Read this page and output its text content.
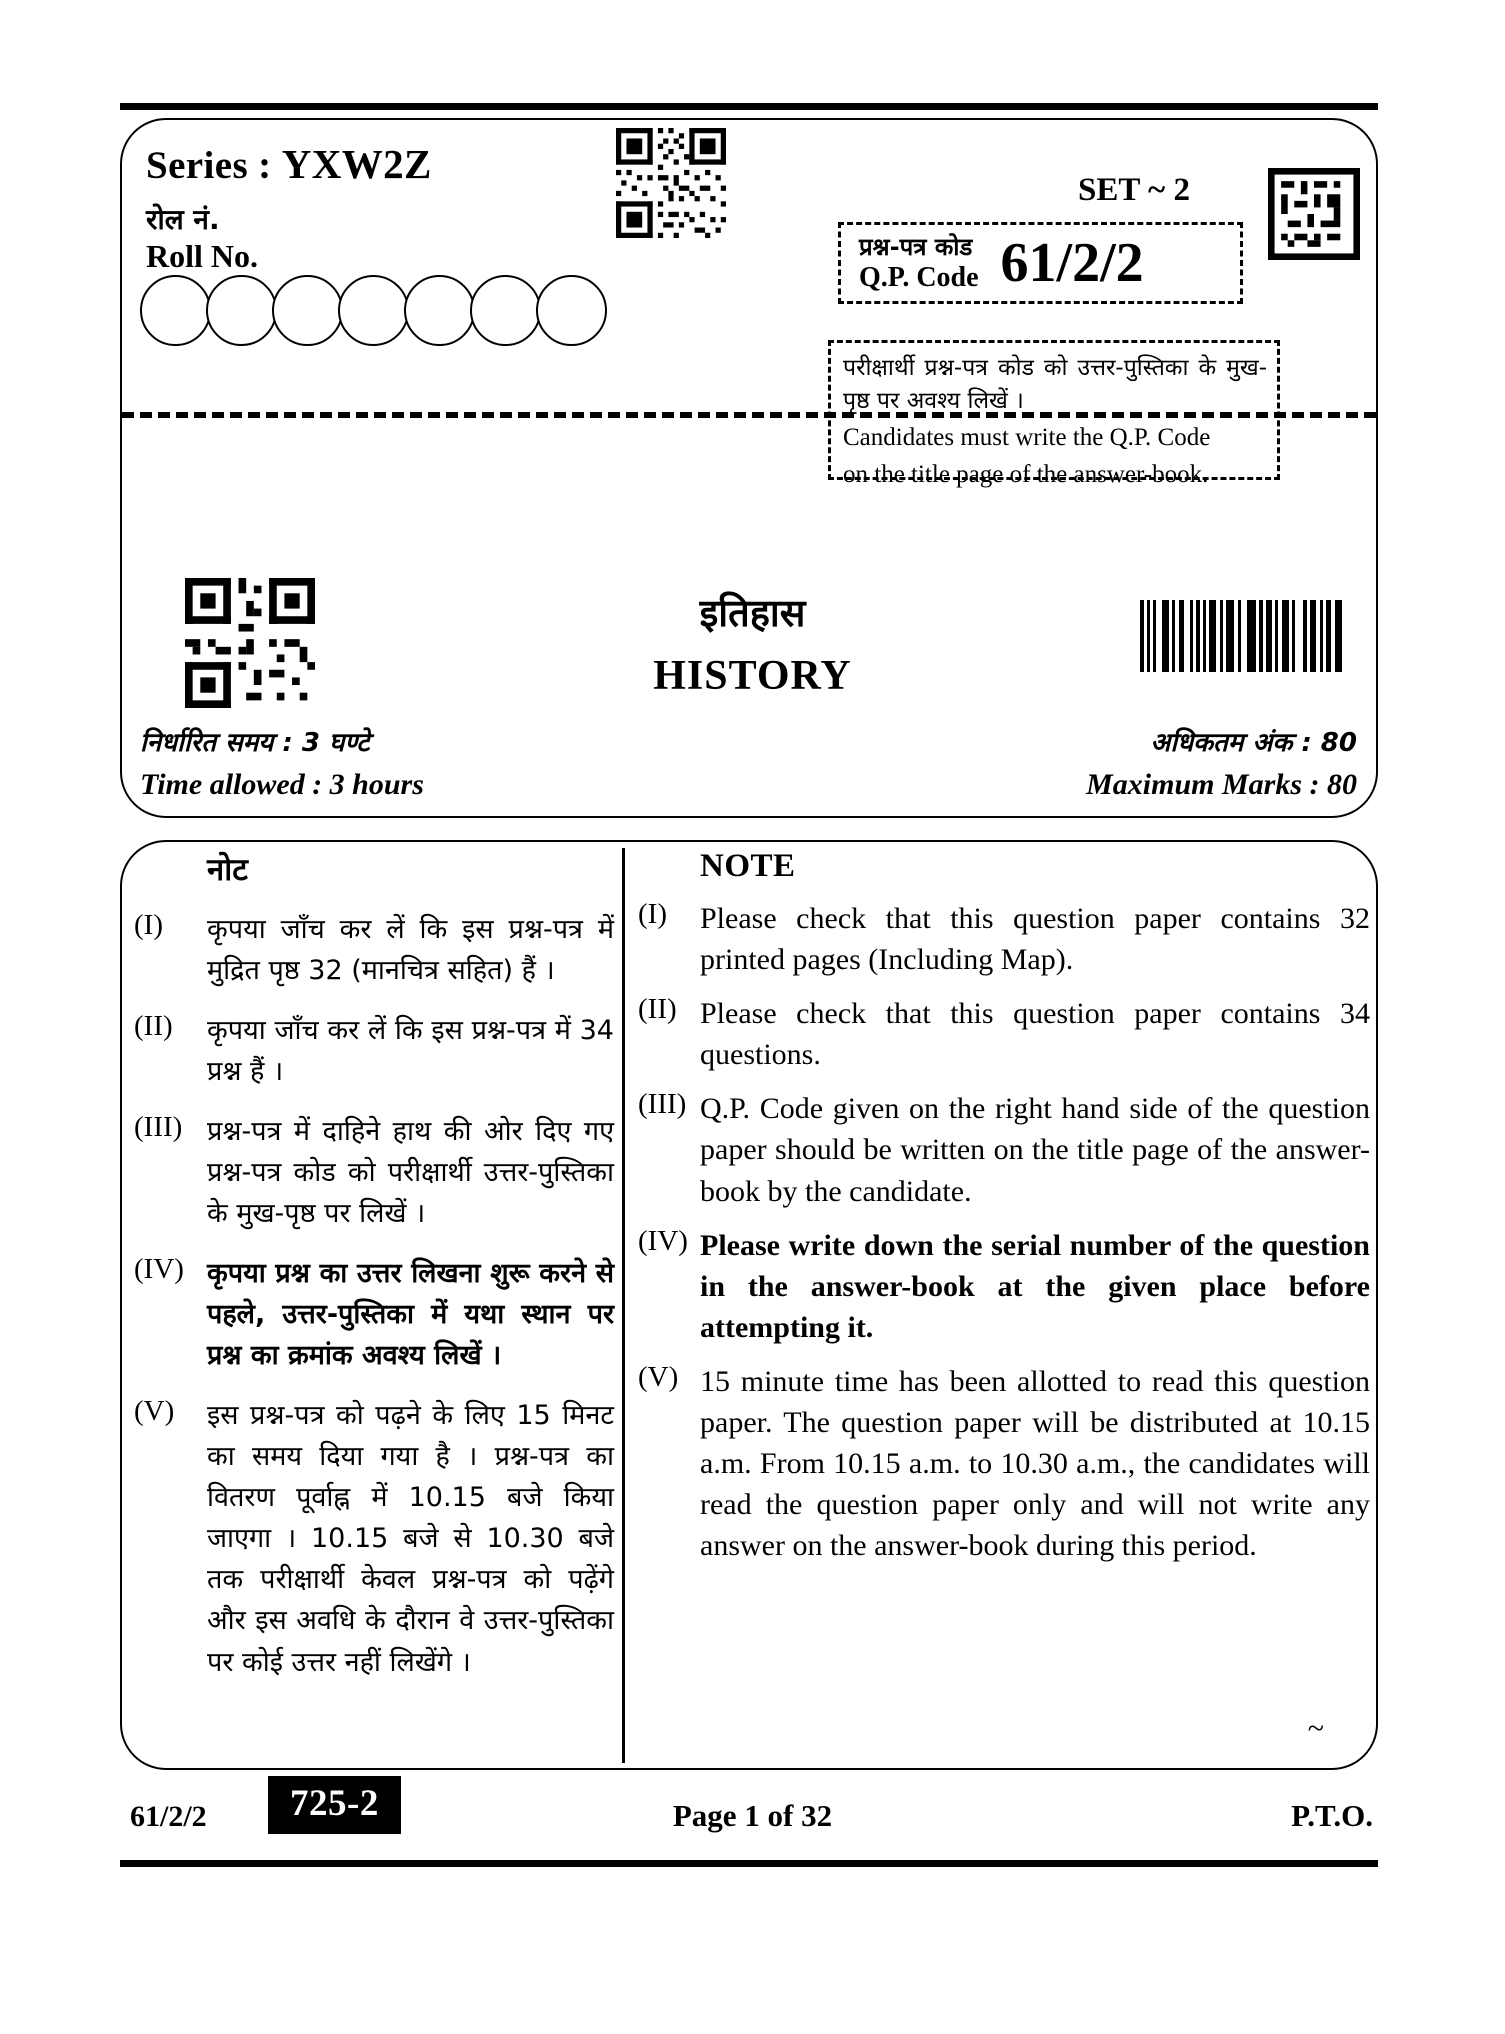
Series : YXW2Z
रोल नं.
Roll No.
SET ~ 2
प्रश्न-पत्र कोड
Q.P. Code 61/2/2
परीक्षार्थी प्रश्न-पत्र कोड को उत्तर-पुस्तिका के मुख-पृष्ठ पर अवश्य लिखें ।
Candidates must write the Q.P. Code
on the title page of the answer-book.
इतिहास
HISTORY
निर्धारित समय : 3 घण्टे
Time allowed : 3 hours
अधिकतम अंक : 80
Maximum Marks : 80
नोट
(I)	कृपया जाँच कर लें कि इस प्रश्न-पत्र में मुद्रित पृष्ठ 32 (मानचित्र सहित) हैं ।
(II)	कृपया जाँच कर लें कि इस प्रश्न-पत्र में 34 प्रश्न हैं ।
(III) प्रश्न-पत्र में दाहिने हाथ की ओर दिए गए प्रश्न-पत्र कोड को परीक्षार्थी उत्तर-पुस्तिका के मुख-पृष्ठ पर लिखें ।
(IV) कृपया प्रश्न का उत्तर लिखना शुरू करने से पहले, उत्तर-पुस्तिका में यथा स्थान पर प्रश्न का क्रमांक अवश्य लिखें ।
(V)	इस प्रश्न-पत्र को पढ़ने के लिए 15 मिनट का समय दिया गया है । प्रश्न-पत्र का वितरण पूर्वाह्न में 10.15 बजे किया जाएगा । 10.15 बजे से 10.30 बजे तक परीक्षार्थी केवल प्रश्न-पत्र को पढ़ेंगे और इस अवधि के दौरान वे उत्तर-पुस्तिका पर कोई उत्तर नहीं लिखेंगे ।
NOTE
(I)	Please check that this question paper contains 32 printed pages (Including Map).
(II) Please check that this question paper contains 34 questions.
(III) Q.P. Code given on the right hand side of the question paper should be written on the title page of the answer-book by the candidate.
(IV) Please write down the serial number of the question in the answer-book at the given place before attempting it.
(V) 15 minute time has been allotted to read this question paper. The question paper will be distributed at 10.15 a.m. From 10.15 a.m. to 10.30 a.m., the candidates will read the question paper only and will not write any answer on the answer-book during this period.
~
61/2/2	725-2	Page 1 of 32	P.T.O.
